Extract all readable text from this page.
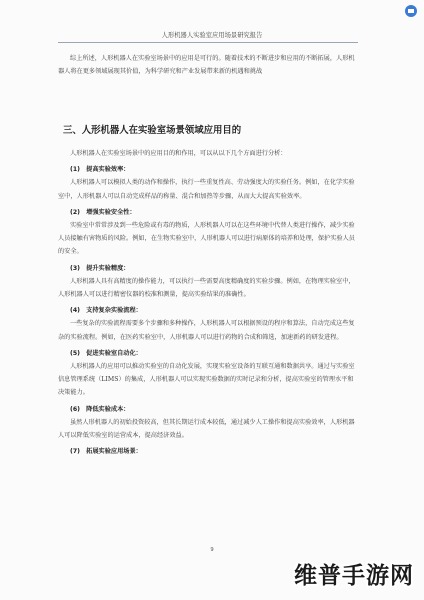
人形机器人实验室应用场景研究报告

综上所述，人形机器人在实验室场景中的应用是可行的。随着技术的不断进步和应用的不断拓展，人形机器人将在更多领域展现其价值，为科学研究和产业发展带来新的机遇和挑战

三、人形机器人在实验室场景领域应用目的

人形机器人在实验室场景中的应用目的和作用，可以从以下几个方面进行分析：

(1)　提高实验效率：

人形机器人可以模拟人类的动作和操作，执行一些重复性高、劳动强度大的实验任务。例如，在化学实验室中，人形机器人可以自动完成样品的称量、混合和加热等步骤，从而大大提高实验效率。

(2)　增强实验安全性：

实验室中常常涉及到一些危险或有毒的物质，人形机器人可以在这些环境中代替人类进行操作，减少实验人员接触有害物质的风险。例如，在生物实验室中，人形机器人可以进行病原体的培养和处理，保护实验人员的安全。

(3)　提升实验精度：

人形机器人具有高精度的操作能力，可以执行一些需要高度精确度的实验步骤。例如，在物理实验室中，人形机器人可以进行精密仪器的校准和测量，提高实验结果的准确性。

(4)　支持复杂实验流程：

一些复杂的实验流程需要多个步骤和多种操作，人形机器人可以根据预设的程序和算法，自动完成这些复杂的实验流程。例如，在医药实验室中，人形机器人可以进行药物的合成和筛选，加速新药的研发进程。

(5)　促进实验室自动化：

人形机器人的应用可以推动实验室的自动化发展，实现实验室设备的互联互通和数据共享。通过与实验室信息管理系统（LIMS）的集成，人形机器人可以实现实验数据的实时记录和分析，提高实验室的管理水平和决策能力。

(6)　降低实验成本：

虽然人形机器人的初始投资较高，但其长期运行成本较低，通过减少人工操作和提高实验效率，人形机器人可以降低实验室的运营成本，提高经济效益。

(7)　拓展实验应用场景：

9
维普手游网
